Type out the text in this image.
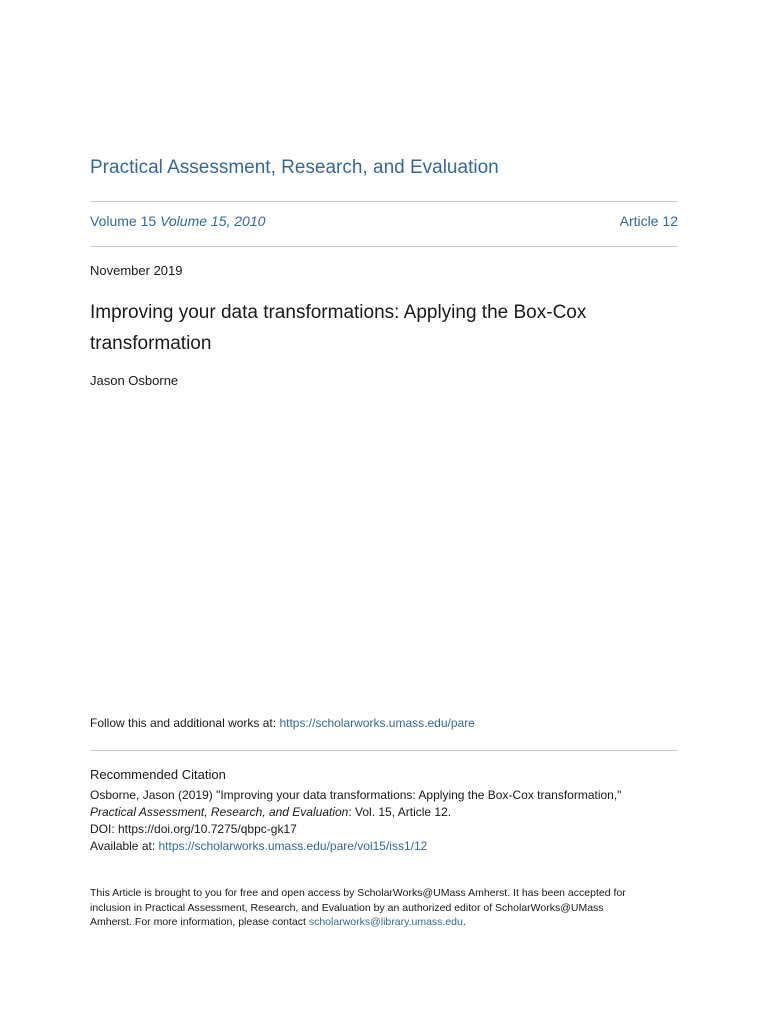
Practical Assessment, Research, and Evaluation
Volume 15 Volume 15, 2010	Article 12
November 2019
Improving your data transformations: Applying the Box-Cox transformation
Jason Osborne
Follow this and additional works at: https://scholarworks.umass.edu/pare
Recommended Citation
Osborne, Jason (2019) "Improving your data transformations: Applying the Box-Cox transformation,"
Practical Assessment, Research, and Evaluation: Vol. 15, Article 12.
DOI: https://doi.org/10.7275/qbpc-gk17
Available at: https://scholarworks.umass.edu/pare/vol15/iss1/12
This Article is brought to you for free and open access by ScholarWorks@UMass Amherst. It has been accepted for
inclusion in Practical Assessment, Research, and Evaluation by an authorized editor of ScholarWorks@UMass
Amherst. For more information, please contact scholarworks@library.umass.edu.
